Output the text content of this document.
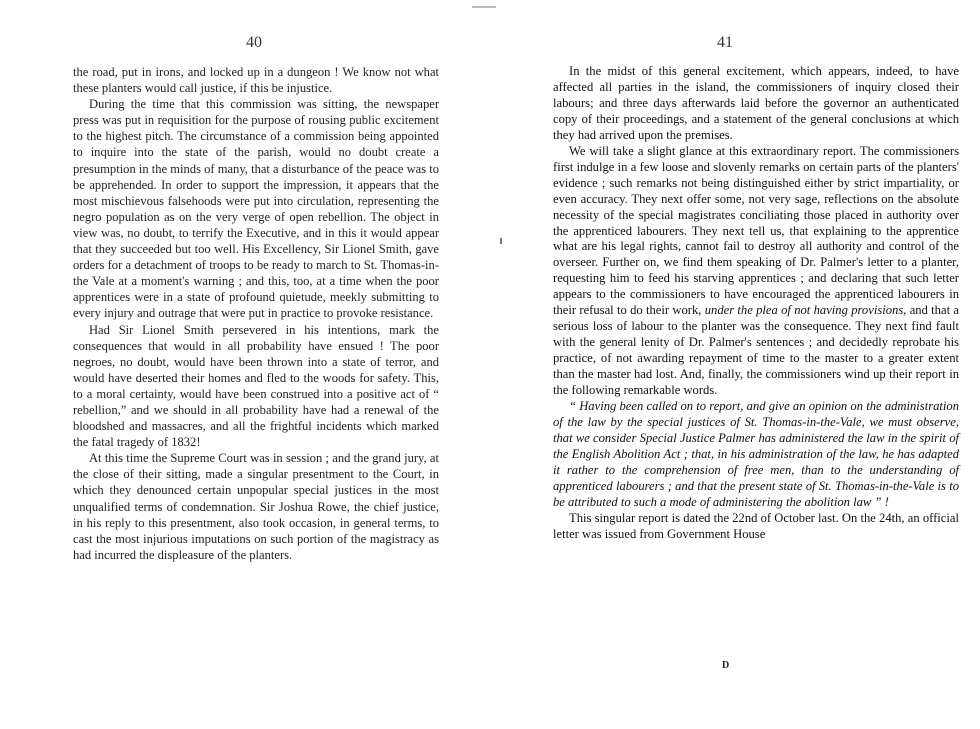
40

the road, put in irons, and locked up in a dungeon ! We know not what these planters would call justice, if this be injustice.

During the time that this commission was sitting, the newspaper press was put in requisition for the purpose of rousing public excitement to the highest pitch. The circumstance of a commission being appointed to inquire into the state of the parish, would no doubt create a presumption in the minds of many, that a disturbance of the peace was to be apprehended. In order to support the impression, it appears that the most mischievous falsehoods were put into circulation, representing the negro population as on the very verge of open rebellion. The object in view was, no doubt, to terrify the Executive, and in this it would appear that they succeeded but too well. His Excellency, Sir Lionel Smith, gave orders for a detachment of troops to be ready to march to St. Thomas-in-the Vale at a moment's warning ; and this, too, at a time when the poor apprentices were in a state of profound quietude, meekly submitting to every injury and outrage that were put in practice to provoke resistance.

Had Sir Lionel Smith persevered in his intentions, mark the consequences that would in all probability have ensued ! The poor negroes, no doubt, would have been thrown into a state of terror, and would have deserted their homes and fled to the woods for safety. This, to a moral certainty, would have been construed into a positive act of “ rebellion,” and we should in all probability have had a renewal of the bloodshed and massacres, and all the frightful incidents which marked the fatal tragedy of 1832!

At this time the Supreme Court was in session ; and the grand jury, at the close of their sitting, made a singular presentment to the Court, in which they denounced certain unpopular special justices in the most unqualified terms of condemnation. Sir Joshua Rowe, the chief justice, in his reply to this presentment, also took occasion, in general terms, to cast the most injurious imputations on such portion of the magistracy as had incurred the displeasure of the planters.

41

In the midst of this general excitement, which appears, indeed, to have affected all parties in the island, the commissioners of inquiry closed their labours; and three days afterwards laid before the governor an authenticated copy of their proceedings, and a statement of the general conclusions at which they had arrived upon the premises.

We will take a slight glance at this extraordinary report. The commissioners first indulge in a few loose and slovenly remarks on certain parts of the planters' evidence ; such remarks not being distinguished either by strict impartiality, or even accuracy. They next offer some, not very sage, reflections on the absolute necessity of the special magistrates conciliating those placed in authority over the apprenticed labourers. They next tell us, that explaining to the apprentice what are his legal rights, cannot fail to destroy all authority and control of the overseer. Further on, we find them speaking of Dr. Palmer's letter to a planter, requesting him to feed his starving apprentices ; and declaring that such letter appears to the commissioners to have encouraged the apprenticed labourers in their refusal to do their work, under the plea of not having provisions, and that a serious loss of labour to the planter was the consequence. They next find fault with the general lenity of Dr. Palmer's sentences ; and decidedly reprobate his practice, of not awarding repayment of time to the master to a greater extent than the master had lost. And, finally, the commissioners wind up their report in the following remarkable words.

“ Having been called on to report, and give an opinion on the administration of the law by the special justices of St. Thomas-in-the-Vale, we must observe, that we consider Special Justice Palmer has administered the law in the spirit of the English Abolition Act ; that, in his administration of the law, he has adapted it rather to the comprehension of free men, than to the understanding of apprenticed labourers ; and that the present state of St. Thomas-in-the-Vale is to be attributed to such a mode of administering the abolition law ” !

This singular report is dated the 22nd of October last. On the 24th, an official letter was issued from Government House

D
